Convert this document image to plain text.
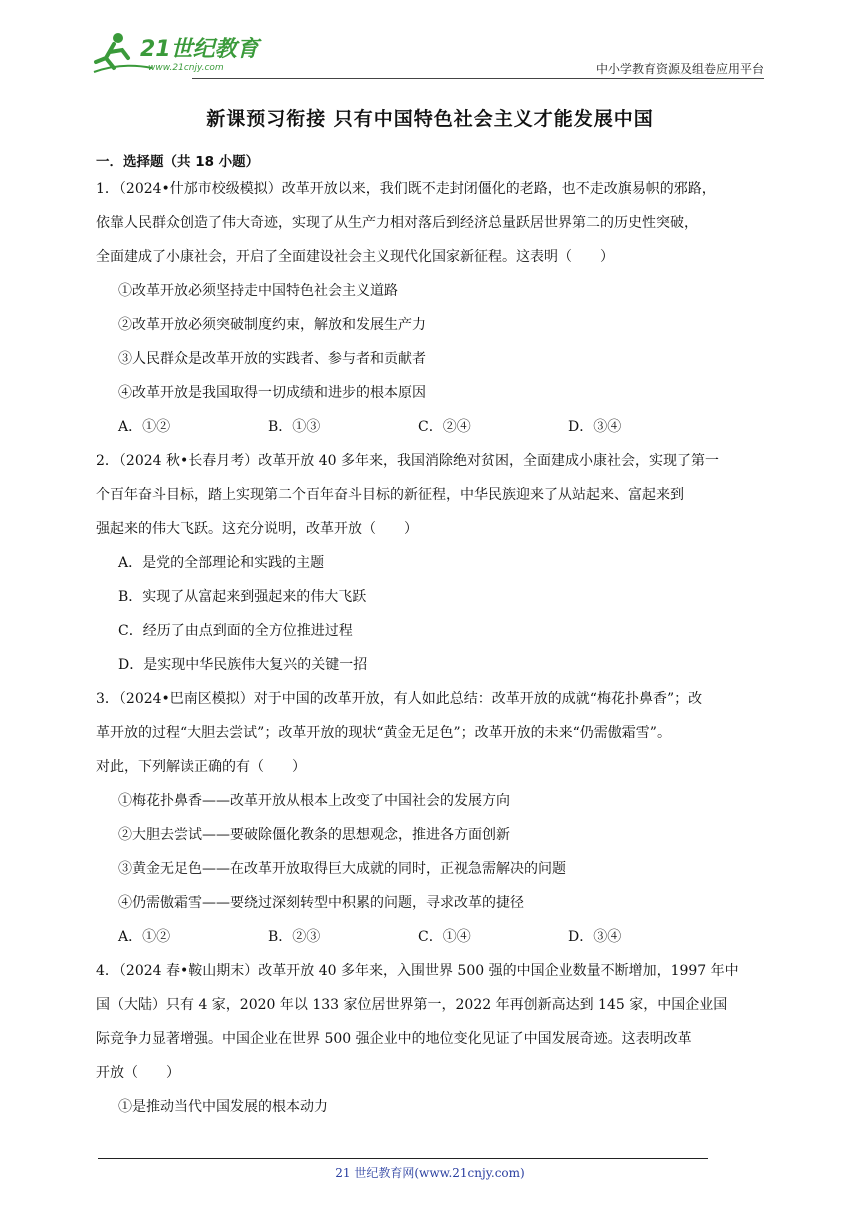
21世纪教育
www.21cnjy.com	中小学教育资源及组卷应用平台
新课预习衔接 只有中国特色社会主义才能发展中国
一．选择题（共 18 小题）

1．（2024•什邡市校级模拟）改革开放以来，我们既不走封闭僵化的老路，也不走改旗易帜的邪路，

依靠人民群众创造了伟大奇迹，实现了从生产力相对落后到经济总量跃居世界第二的历史性突破，

全面建成了小康社会，开启了全面建设社会主义现代化国家新征程。这表明（　　）

①改革开放必须坚持走中国特色社会主义道路

②改革开放必须突破制度约束，解放和发展生产力

③人民群众是改革开放的实践者、参与者和贡献者

④改革开放是我国取得一切成绩和进步的根本原因

A．①②	B．①③	C．②④	D．③④

2．（2024 秋•长春月考）改革开放 40 多年来，我国消除绝对贫困，全面建成小康社会，实现了第一

个百年奋斗目标，踏上实现第二个百年奋斗目标的新征程，中华民族迎来了从站起来、富起来到

强起来的伟大飞跃。这充分说明，改革开放（　　）

A．是党的全部理论和实践的主题

B．实现了从富起来到强起来的伟大飞跃

C．经历了由点到面的全方位推进过程

D．是实现中华民族伟大复兴的关键一招

3．（2024•巴南区模拟）对于中国的改革开放，有人如此总结：改革开放的成就“梅花扑鼻香”；改

革开放的过程“大胆去尝试”；改革开放的现状“黄金无足色”；改革开放的未来“仍需傲霜雪”。

对此，下列解读正确的有（　　）

①梅花扑鼻香——改革开放从根本上改变了中国社会的发展方向

②大胆去尝试——要破除僵化教条的思想观念，推进各方面创新

③黄金无足色——在改革开放取得巨大成就的同时，正视急需解决的问题

④仍需傲霜雪——要绕过深刻转型中积累的问题，寻求改革的捷径

A．①②	B．②③	C．①④	D．③④

4．（2024 春•鞍山期末）改革开放 40 多年来，入围世界 500 强的中国企业数量不断增加，1997 年中

国（大陆）只有 4 家，2020 年以 133 家位居世界第一，2022 年再创新高达到 145 家，中国企业国

际竞争力显著增强。中国企业在世界 500 强企业中的地位变化见证了中国发展奇迹。这表明改革

开放（　　）

①是推动当代中国发展的根本动力

21 世纪教育网(www.21cnjy.com)
